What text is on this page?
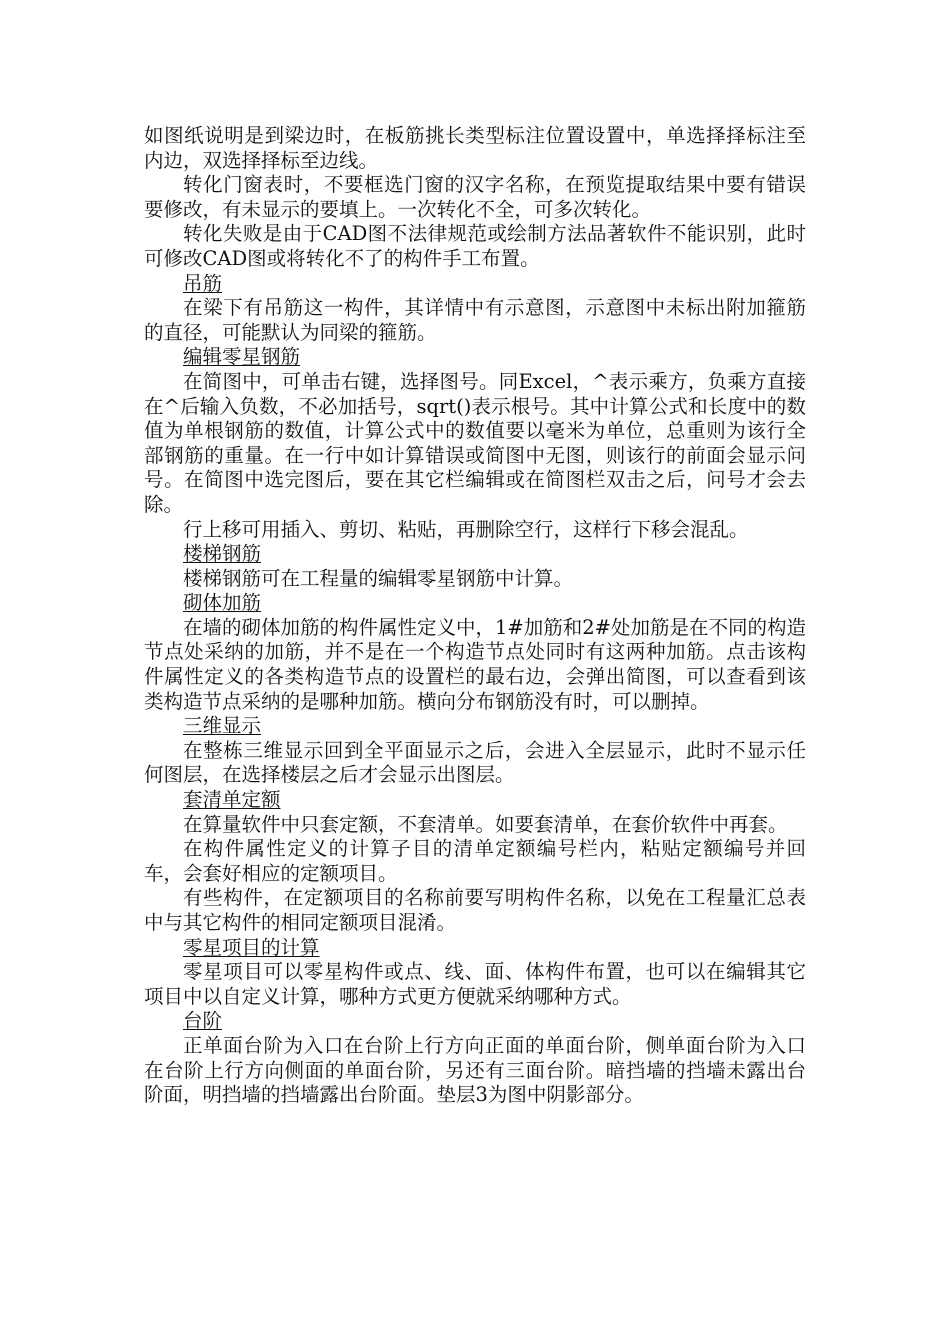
如图纸说明是到梁边时，在板筋挑长类型标注位置设置中，单选择择标注至内边，双选择择标至边线。

转化门窗表时，不要框选门窗的汉字名称，在预览提取结果中要有错误要修改，有未显示的要填上。一次转化不全，可多次转化。

转化失败是由于CAD图不法律规范或绘制方法品著软件不能识别，此时可修改CAD图或将转化不了的构件手工布置。

吊筋

在梁下有吊筋这一构件，其详情中有示意图，示意图中未标出附加箍筋的直径，可能默认为同梁的箍筋。

编辑零星钢筋

在简图中，可单击右键，选择图号。同Excel，^表示乘方，负乘方直接在^后输入负数，不必加括号，sqrt()表示根号。其中计算公式和长度中的数值为单根钢筋的数值，计算公式中的数值要以毫米为单位，总重则为该行全部钢筋的重量。在一行中如计算错误或简图中无图，则该行的前面会显示问号。在简图中选完图后，要在其它栏编辑或在简图栏双击之后，问号才会去除。

行上移可用插入、剪切、粘贴，再删除空行，这样行下移会混乱。

楼梯钢筋

楼梯钢筋可在工程量的编辑零星钢筋中计算。

砌体加筋

在墙的砌体加筋的构件属性定义中，1#加筋和2#处加筋是在不同的构造节点处采纳的加筋，并不是在一个构造节点处同时有这两种加筋。点击该构件属性定义的各类构造节点的设置栏的最右边，会弹出简图，可以查看到该类构造节点采纳的是哪种加筋。横向分布钢筋没有时，可以删掉。

三维显示

在整栋三维显示回到全平面显示之后，会进入全层显示，此时不显示任何图层，在选择楼层之后才会显示出图层。

套清单定额

在算量软件中只套定额，不套清单。如要套清单，在套价软件中再套。

在构件属性定义的计算子目的清单定额编号栏内，粘贴定额编号并回车，会套好相应的定额项目。

有些构件，在定额项目的名称前要写明构件名称，以免在工程量汇总表中与其它构件的相同定额项目混淆。

零星项目的计算

零星项目可以零星构件或点、线、面、体构件布置，也可以在编辑其它项目中以自定义计算，哪种方式更方便就采纳哪种方式。

台阶

正单面台阶为入口在台阶上行方向正面的单面台阶，侧单面台阶为入口在台阶上行方向侧面的单面台阶，另还有三面台阶。暗挡墙的挡墙未露出台阶面，明挡墙的挡墙露出台阶面。垫层3为图中阴影部分。
